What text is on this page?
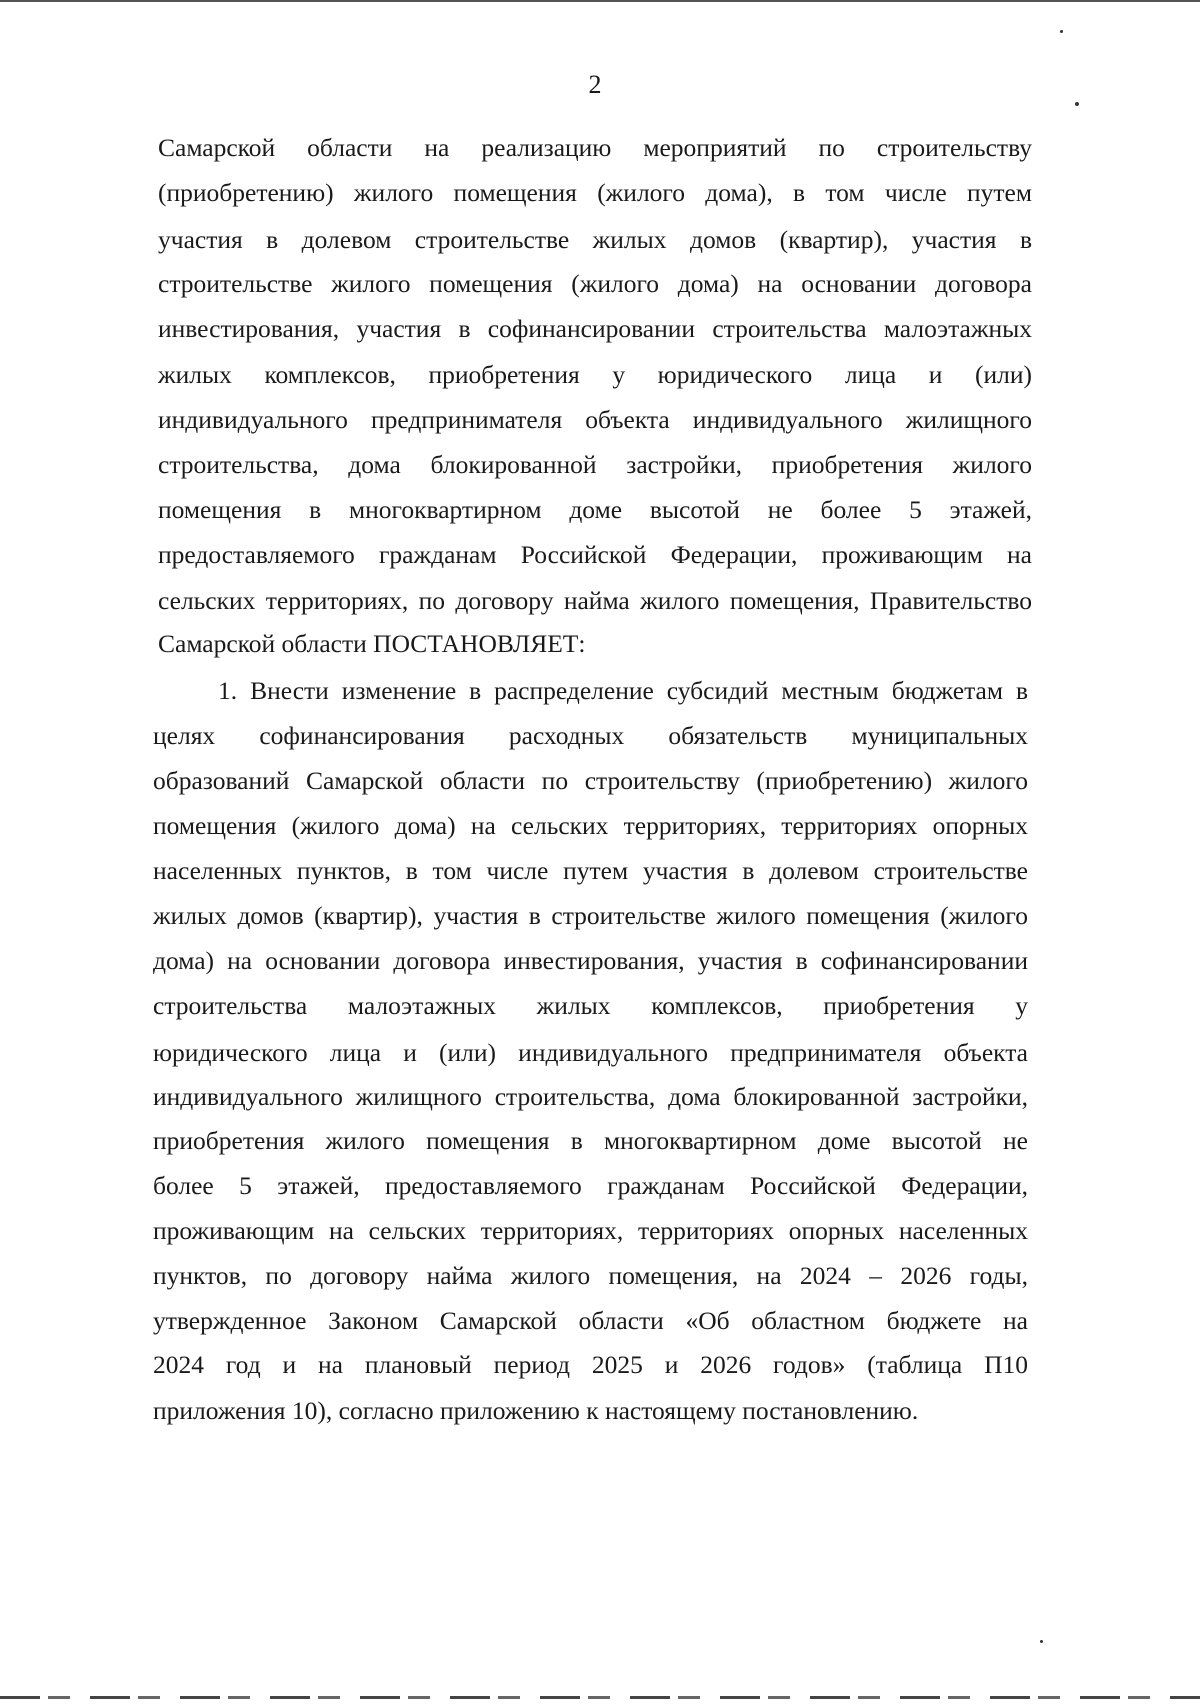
2
Самарской области на реализацию мероприятий по строительству
(приобретению) жилого помещения (жилого дома), в том числе путем
участия в долевом строительстве жилых домов (квартир), участия в
строительстве жилого помещения (жилого дома) на основании договора
инвестирования, участия в софинансировании строительства малоэтажных
жилых комплексов, приобретения у юридического лица и (или)
индивидуального предпринимателя объекта индивидуального жилищного
строительства, дома блокированной застройки, приобретения жилого
помещения в многоквартирном доме высотой не более 5 этажей,
предоставляемого гражданам Российской Федерации, проживающим на
сельских территориях, по договору найма жилого помещения, Правительство
Самарской области ПОСТАНОВЛЯЕТ:
1. Внести изменение в распределение субсидий местным бюджетам в
целях софинансирования расходных обязательств муниципальных
образований Самарской области по строительству (приобретению) жилого
помещения (жилого дома) на сельских территориях, территориях опорных
населенных пунктов, в том числе путем участия в долевом строительстве
жилых домов (квартир), участия в строительстве жилого помещения (жилого
дома) на основании договора инвестирования, участия в софинансировании
строительства малоэтажных жилых комплексов, приобретения у
юридического лица и (или) индивидуального предпринимателя объекта
индивидуального жилищного строительства, дома блокированной застройки,
приобретения жилого помещения в многоквартирном доме высотой не
более 5 этажей, предоставляемого гражданам Российской Федерации,
проживающим на сельских территориях, территориях опорных населенных
пунктов, по договору найма жилого помещения, на 2024 – 2026 годы,
утвержденное Законом Самарской области «Об областном бюджете на
2024 год и на плановый период 2025 и 2026 годов» (таблица П10
приложения 10), согласно приложению к настоящему постановлению.
